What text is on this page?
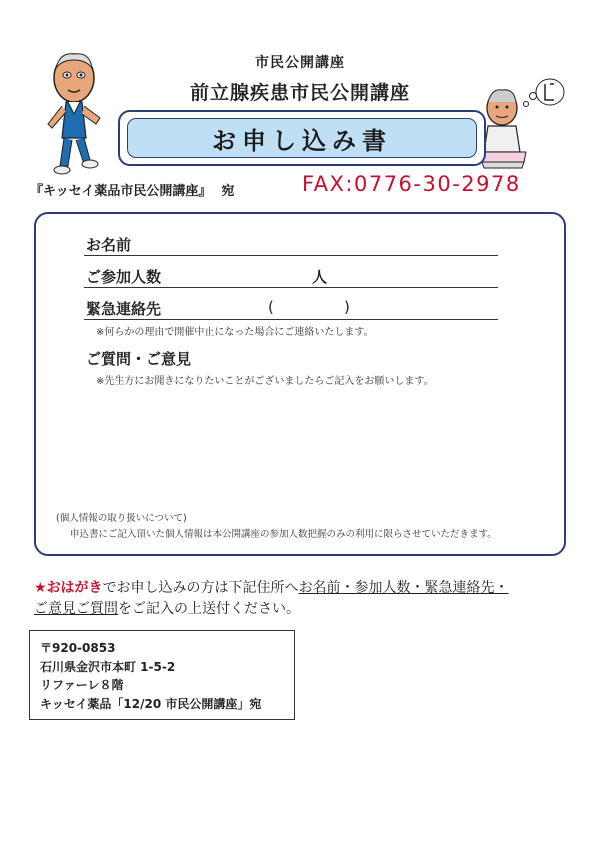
市民公開講座
前立腺疾患市民公開講座
お申し込み書
『キッセイ薬品市民公開講座』 宛	FAX:0776-30-2978
お名前
ご参加人数	人
緊急連絡先	(	)
※何らかの理由で開催中止になった場合にご連絡いたします。
ご質問・ご意見
※先生方にお聞きになりたいことがございましたらご記入をお願いします。
(個人情報の取り扱いについて)
申込書にご記入頂いた個人情報は本公開講座の参加人数把握のみの利用に限らさせていただきます。
★おはがきでお申し込みの方は下記住所へお名前・参加人数・緊急連絡先・
ご意見ご質問をご記入の上送付ください。
〒920-0853
石川県金沢市本町 1-5-2
リファーレ８階
キッセイ薬品「12/20 市民公開講座」宛
